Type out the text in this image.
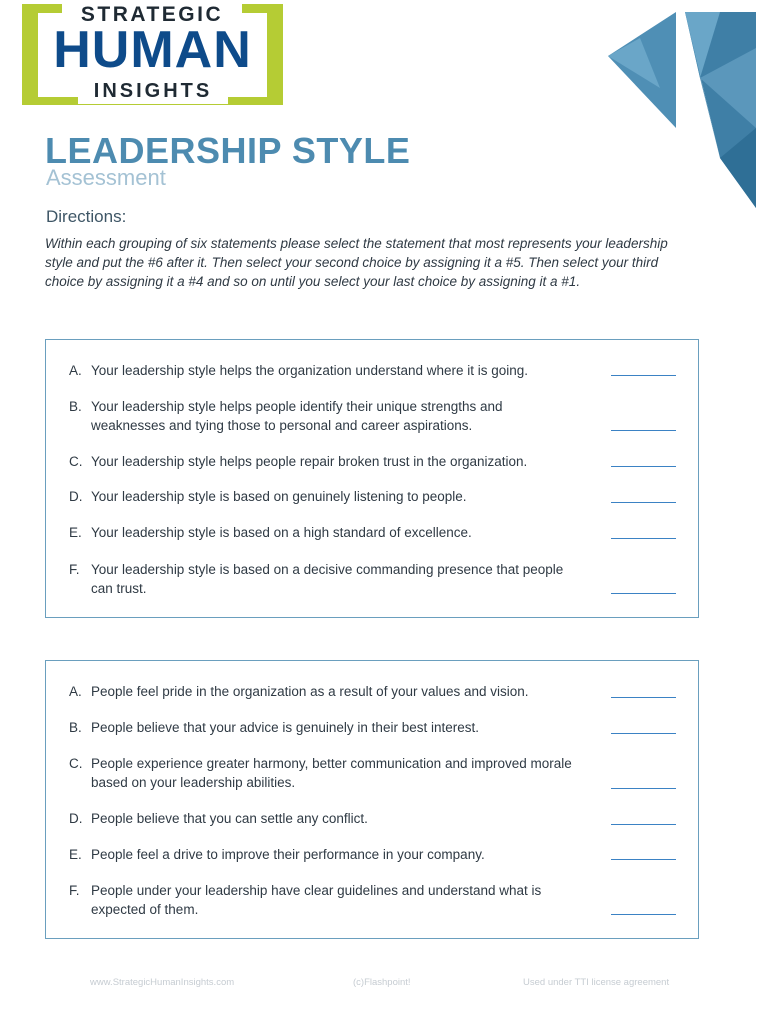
STRATEGIC
HUMAN
INSIGHTS
LEADERSHIP STYLE
Assessment
Directions:
Within each grouping of six statements please select the statement that most represents your leadership style and put the #6 after it. Then select your second choice by assigning it a #5. Then select your third choice by assigning it a #4 and so on until you select your last choice by assigning it a #1.
A. Your leadership style helps the organization understand where it is going.
B. Your leadership style helps people identify their unique strengths and weaknesses and tying those to personal and career aspirations.
C. Your leadership style helps people repair broken trust in the organization.
D. Your leadership style is based on genuinely listening to people.
E. Your leadership style is based on a high standard of excellence.
F. Your leadership style is based on a decisive commanding presence that people can trust.
A. People feel pride in the organization as a result of your values and vision.
B. People believe that your advice is genuinely in their best interest.
C. People experience greater harmony, better communication and improved morale based on your leadership abilities.
D. People believe that you can settle any conflict.
E. People feel a drive to improve their performance in your company.
F. People under your leadership have clear guidelines and understand what is expected of them.
www.StrategicHumanInsights.com	(c)Flashpoint!	Used under TTI license agreement
